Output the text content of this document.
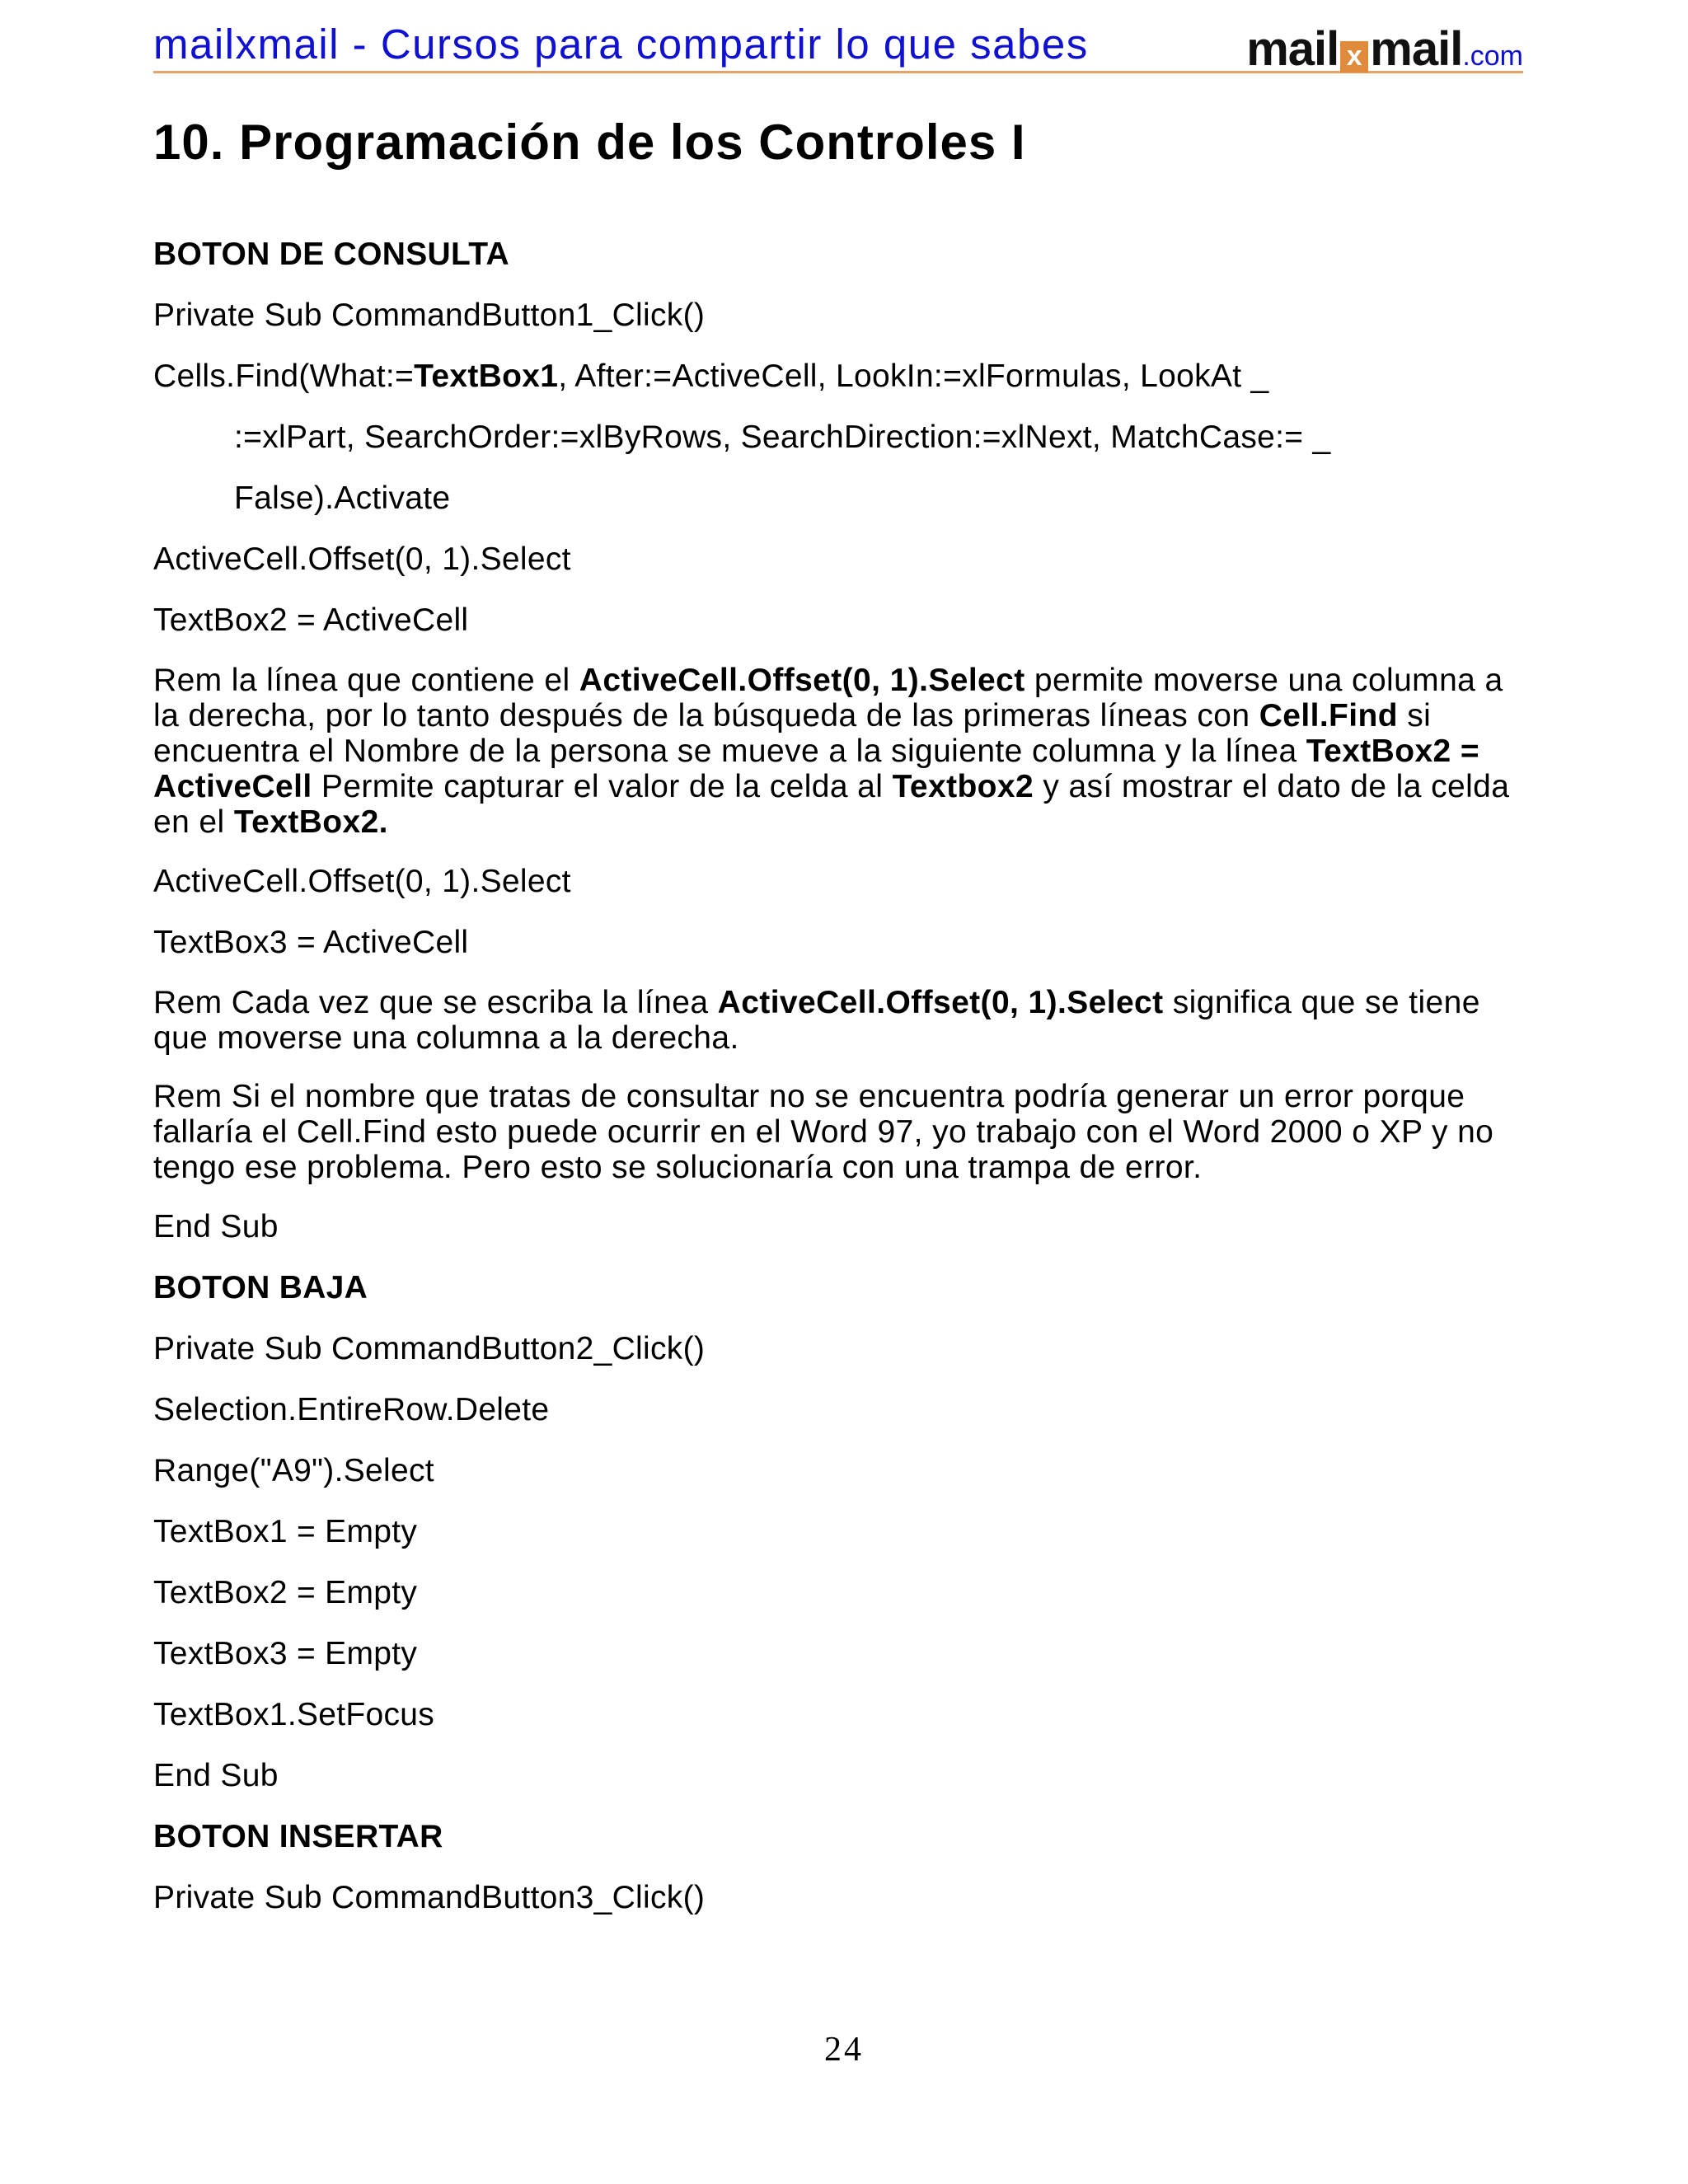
mailxmail - Cursos para compartir lo que sabes	mail x mail.com
10. Programación de los Controles I
BOTON DE CONSULTA
Private Sub CommandButton1_Click()
Cells.Find(What:=TextBox1, After:=ActiveCell, LookIn:=xlFormulas, LookAt _
:=xlPart, SearchOrder:=xlByRows, SearchDirection:=xlNext, MatchCase:= _
False).Activate
ActiveCell.Offset(0, 1).Select
TextBox2 = ActiveCell
Rem la línea que contiene el ActiveCell.Offset(0, 1).Select permite moverse una columna a la derecha, por lo tanto después de la búsqueda de las primeras líneas con Cell.Find si encuentra el Nombre de la persona se mueve a la siguiente columna y la línea TextBox2 = ActiveCell Permite capturar el valor de la celda al Textbox2 y así mostrar el dato de la celda en el TextBox2.
ActiveCell.Offset(0, 1).Select
TextBox3 = ActiveCell
Rem Cada vez que se escriba la línea ActiveCell.Offset(0, 1).Select significa que se tiene que moverse una columna a la derecha.
Rem Si el nombre que tratas de consultar no se encuentra podría generar un error porque fallaría el Cell.Find esto puede ocurrir en el Word 97, yo trabajo con el Word 2000 o XP y no tengo ese problema. Pero esto se solucionaría con una trampa de error.
End Sub
BOTON BAJA
Private Sub CommandButton2_Click()
Selection.EntireRow.Delete
Range("A9").Select
TextBox1 = Empty
TextBox2 = Empty
TextBox3 = Empty
TextBox1.SetFocus
End Sub
BOTON INSERTAR
Private Sub CommandButton3_Click()
24
